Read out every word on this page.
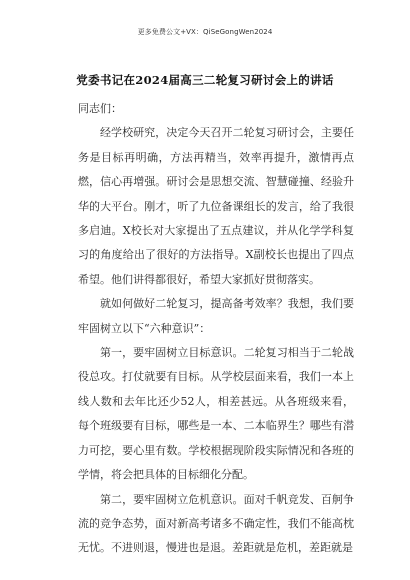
更多免费公文+VX：QiSeGongWen2024
党委书记在2024届高三二轮复习研讨会上的讲话

同志们：

经学校研究，决定今天召开二轮复习研讨会，主要任务是目标再明确，方法再精当，效率再提升，激情再点燃，信心再增强。研讨会是思想交流、智慧碰撞、经验升华的大平台。刚才，听了九位备课组长的发言，给了我很多启迪。X校长对大家提出了五点建议，并从化学学科复习的角度给出了很好的方法指导。X副校长也提出了四点希望。他们讲得都很好，希望大家抓好贯彻落实。

就如何做好二轮复习，提高备考效率？我想，我们要牢固树立以下“六种意识”：

第一，要牢固树立目标意识。二轮复习相当于二轮战役总攻。打仗就要有目标。从学校层面来看，我们一本上线人数和去年比还少52人，相差甚远。从各班级来看，每个班级要有目标，哪些是一本、二本临界生？哪些有潜力可挖，要心里有数。学校根据现阶段实际情况和各班的学情，将会把具体的目标细化分配。

第二，要牢固树立危机意识。面对千帆竞发、百舸争流的竞争态势，面对新高考诸多不确定性，我们不能高枕无忧。不进则退，慢进也是退。差距就是危机，差距就是
